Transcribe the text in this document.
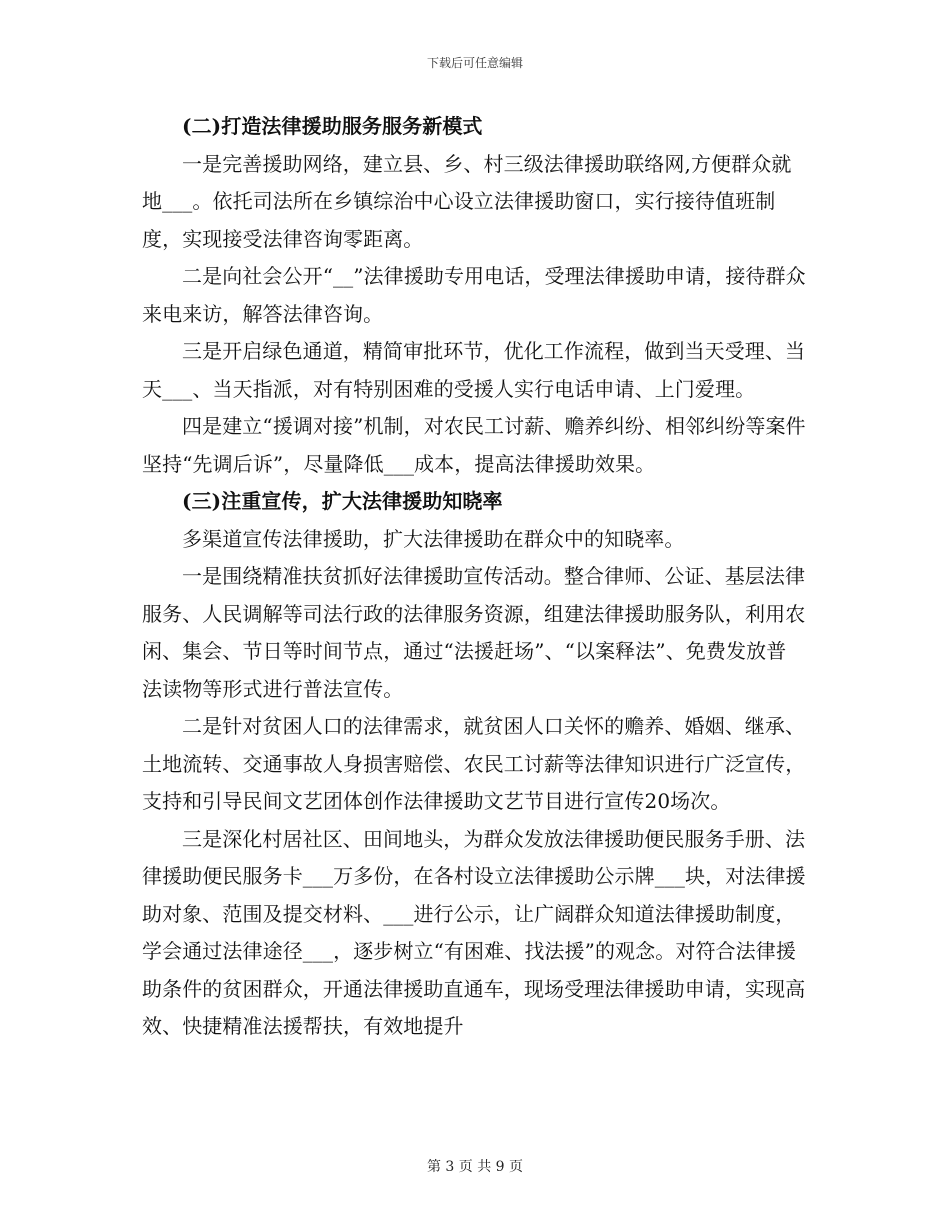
下载后可任意编辑

(二)打造法律援助服务服务新模式

一是完善援助网络，建立县、乡、村三级法律援助联络网,方便群众就地___。依托司法所在乡镇综治中心设立法律援助窗口，实行接待值班制度，实现接受法律咨询零距离。

二是向社会公开“__”法律援助专用电话，受理法律援助申请，接待群众来电来访，解答法律咨询。

三是开启绿色通道，精简审批环节，优化工作流程，做到当天受理、当天___、当天指派，对有特别困难的受援人实行电话申请、上门爱理。

四是建立“援调对接”机制，对农民工讨薪、赡养纠纷、相邻纠纷等案件坚持“先调后诉”，尽量降低___成本，提高法律援助效果。

(三)注重宣传，扩大法律援助知晓率

多渠道宣传法律援助，扩大法律援助在群众中的知晓率。

一是围绕精准扶贫抓好法律援助宣传活动。整合律师、公证、基层法律服务、人民调解等司法行政的法律服务资源，组建法律援助服务队，利用农闲、集会、节日等时间节点，通过“法援赶场”、“以案释法”、免费发放普法读物等形式进行普法宣传。

二是针对贫困人口的法律需求，就贫困人口关怀的赡养、婚姻、继承、土地流转、交通事故人身损害赔偿、农民工讨薪等法律知识进行广泛宣传，支持和引导民间文艺团体创作法律援助文艺节目进行宣传20场次。

三是深化村居社区、田间地头，为群众发放法律援助便民服务手册、法律援助便民服务卡___万多份，在各村设立法律援助公示牌___块，对法律援助对象、范围及提交材料、___进行公示，让广阔群众知道法律援助制度，学会通过法律途径___，逐步树立“有困难、找法援”的观念。对符合法律援助条件的贫困群众，开通法律援助直通车，现场受理法律援助申请，实现高效、快捷精准法援帮扶，有效地提升

第 3 页 共 9 页
